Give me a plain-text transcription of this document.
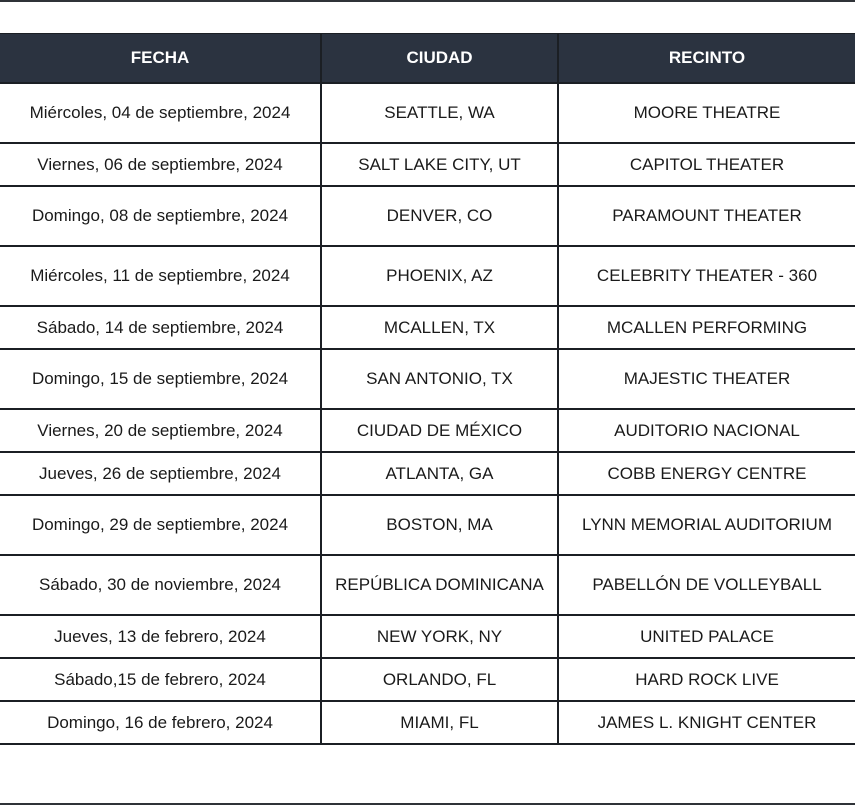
FECHA	CIUDAD	RECINTO
Miércoles, 04 de septiembre, 2024	SEATTLE, WA	MOORE THEATRE
Viernes, 06 de septiembre, 2024	SALT LAKE CITY, UT	CAPITOL THEATER
Domingo, 08 de septiembre, 2024	DENVER, CO	PARAMOUNT THEATER
Miércoles, 11 de septiembre, 2024	PHOENIX, AZ	CELEBRITY THEATER - 360
Sábado, 14 de septiembre, 2024	MCALLEN, TX	MCALLEN PERFORMING
Domingo, 15 de septiembre, 2024	SAN ANTONIO, TX	MAJESTIC THEATER
Viernes, 20 de septiembre, 2024	CIUDAD DE MÉXICO	AUDITORIO NACIONAL
Jueves, 26 de septiembre, 2024	ATLANTA, GA	COBB ENERGY CENTRE
Domingo, 29 de septiembre, 2024	BOSTON, MA	LYNN MEMORIAL AUDITORIUM
Sábado, 30 de noviembre, 2024	REPÚBLICA DOMINICANA	PABELLÓN DE VOLLEYBALL
Jueves, 13 de febrero, 2024	NEW YORK, NY	UNITED PALACE
Sábado,15 de febrero, 2024	ORLANDO, FL	HARD ROCK LIVE
Domingo, 16 de febrero, 2024	MIAMI, FL	JAMES L. KNIGHT CENTER
